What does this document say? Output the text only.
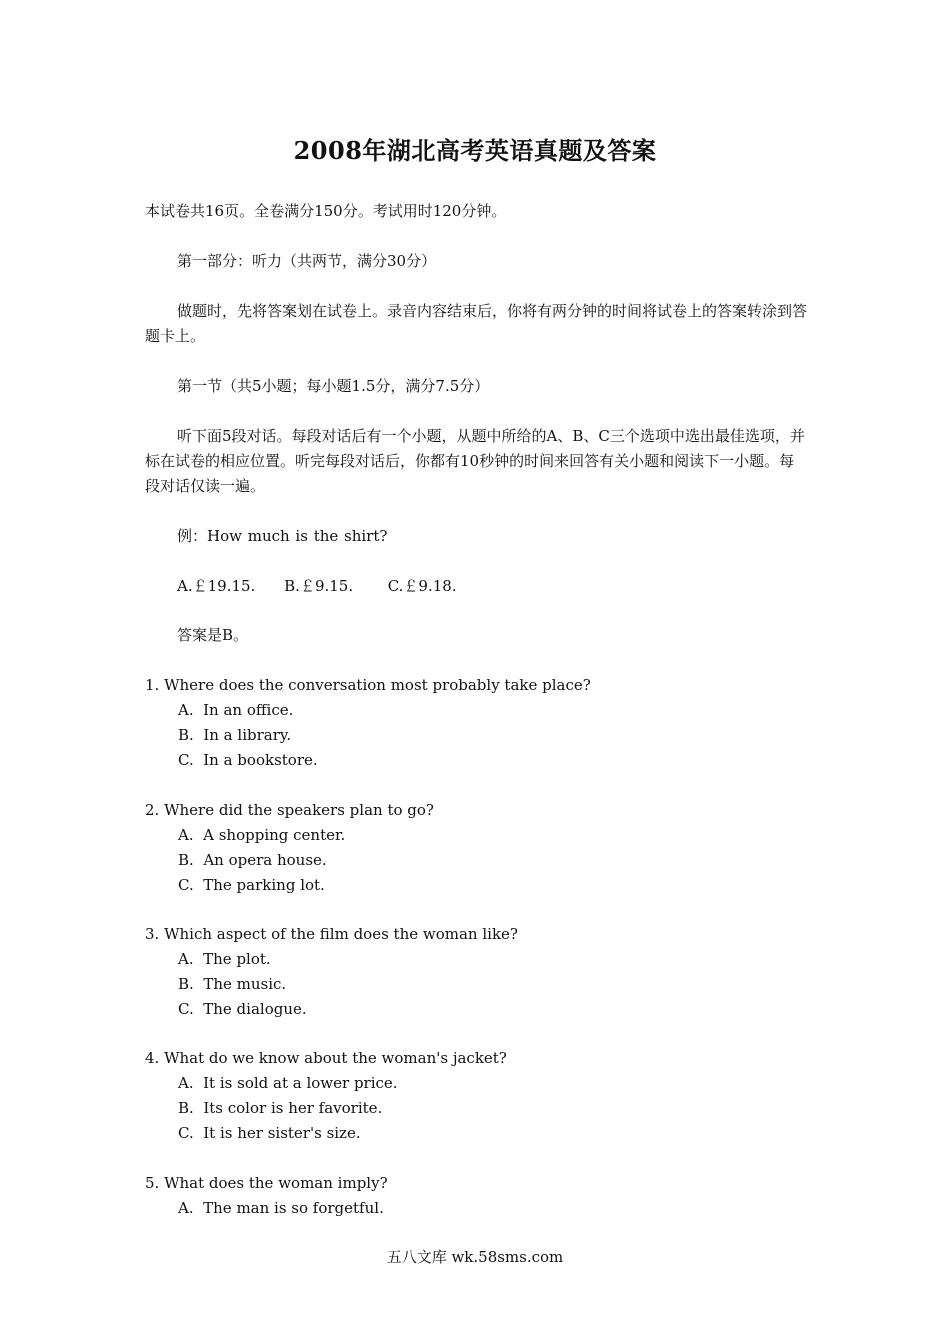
2008年湖北高考英语真题及答案

本试卷共16页。全卷满分150分。考试用时120分钟。

第一部分：听力（共两节，满分30分）

做题时，先将答案划在试卷上。录音内容结束后，你将有两分钟的时间将试卷上的答案转涂到答题卡上。

第一节（共5小题；每小题1.5分，满分7.5分）

听下面5段对话。每段对话后有一个小题，从题中所给的A、B、C三个选项中选出最佳选项，并标在试卷的相应位置。听完每段对话后，你都有10秒钟的时间来回答有关小题和阅读下一小题。每段对话仅读一遍。

例：How much is the shirt?

A.￡19.15.     B.￡9.15.      C.￡9.18.

答案是B。

1. Where does the conversation most probably take place?
A.  In an office.
B.  In a library.
C.  In a bookstore.
2. Where did the speakers plan to go?
A.  A shopping center.
B.  An opera house.
C.  The parking lot.
3. Which aspect of the film does the woman like?
A.  The plot.
B.  The music.
C.  The dialogue.
4. What do we know about the woman's jacket?
A.  It is sold at a lower price.
B.  Its color is her favorite.
C.  It is her sister's size.
5. What does the woman imply?
A.  The man is so forgetful.
五八文库 wk.58sms.com
